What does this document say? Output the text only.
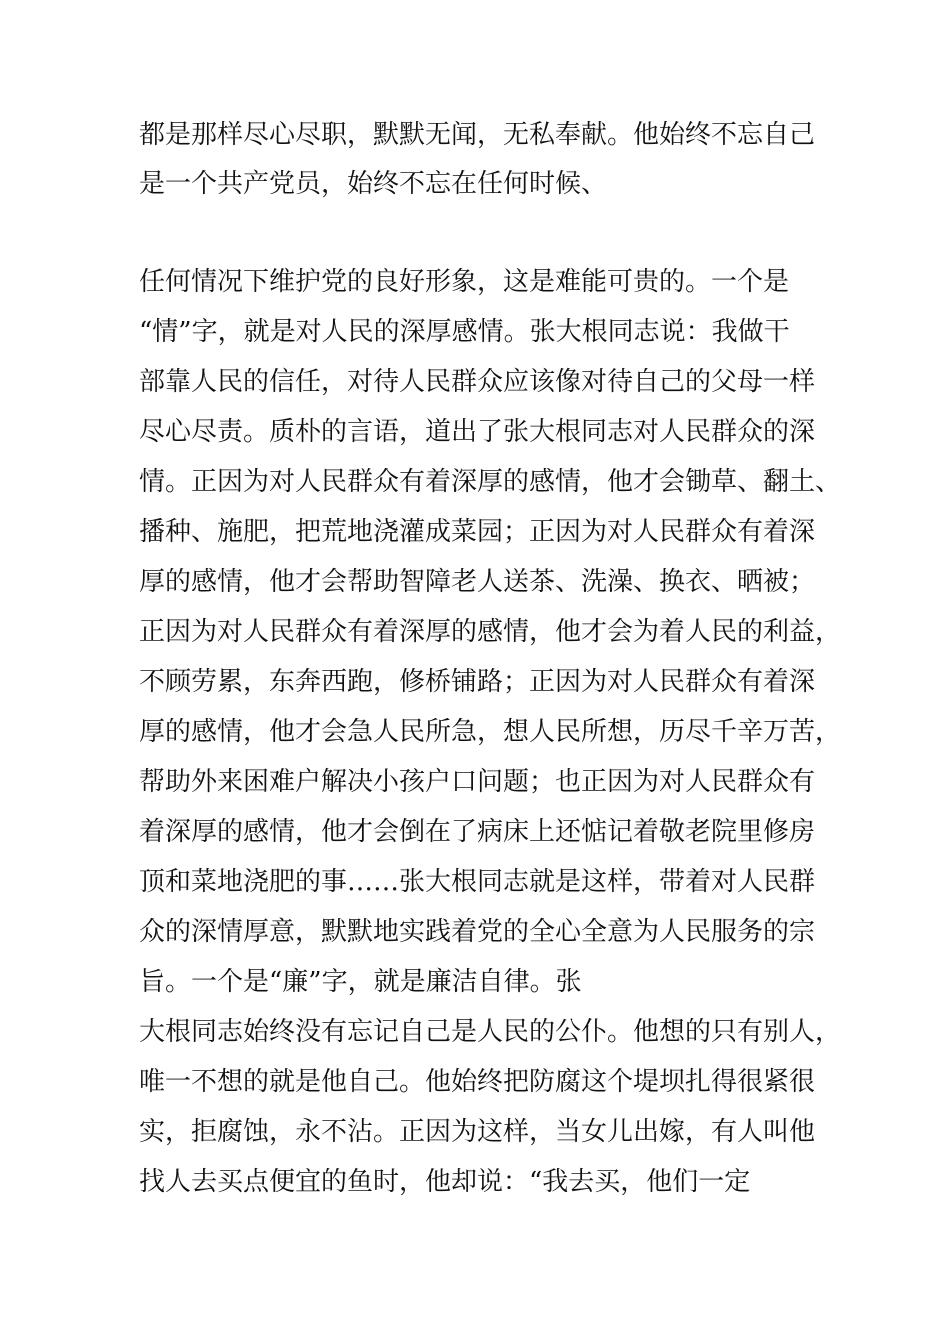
都是那样尽心尽职，默默无闻，无私奉献。他始终不忘自己

是一个共产党员，始终不忘在任何时候、

任何情况下维护党的良好形象，这是难能可贵的。一个是

“情”字，就是对人民的深厚感情。张大根同志说：我做干

部靠人民的信任，对待人民群众应该像对待自己的父母一样

尽心尽责。质朴的言语，道出了张大根同志对人民群众的深

情。正因为对人民群众有着深厚的感情，他才会锄草、翻土、

播种、施肥，把荒地浇灌成菜园；正因为对人民群众有着深

厚的感情，他才会帮助智障老人送茶、洗澡、换衣、晒被；

正因为对人民群众有着深厚的感情，他才会为着人民的利益，

不顾劳累，东奔西跑，修桥铺路；正因为对人民群众有着深

厚的感情，他才会急人民所急，想人民所想，历尽千辛万苦，

帮助外来困难户解决小孩户口问题；也正因为对人民群众有

着深厚的感情，他才会倒在了病床上还惦记着敬老院里修房

顶和菜地浇肥的事……张大根同志就是这样，带着对人民群

众的深情厚意，默默地实践着党的全心全意为人民服务的宗

旨。一个是“廉”字，就是廉洁自律。张

大根同志始终没有忘记自己是人民的公仆。他想的只有别人，

唯一不想的就是他自己。他始终把防腐这个堤坝扎得很紧很

实，拒腐蚀，永不沾。正因为这样，当女儿出嫁，有人叫他

找人去买点便宜的鱼时，他却说：“我去买，他们一定
